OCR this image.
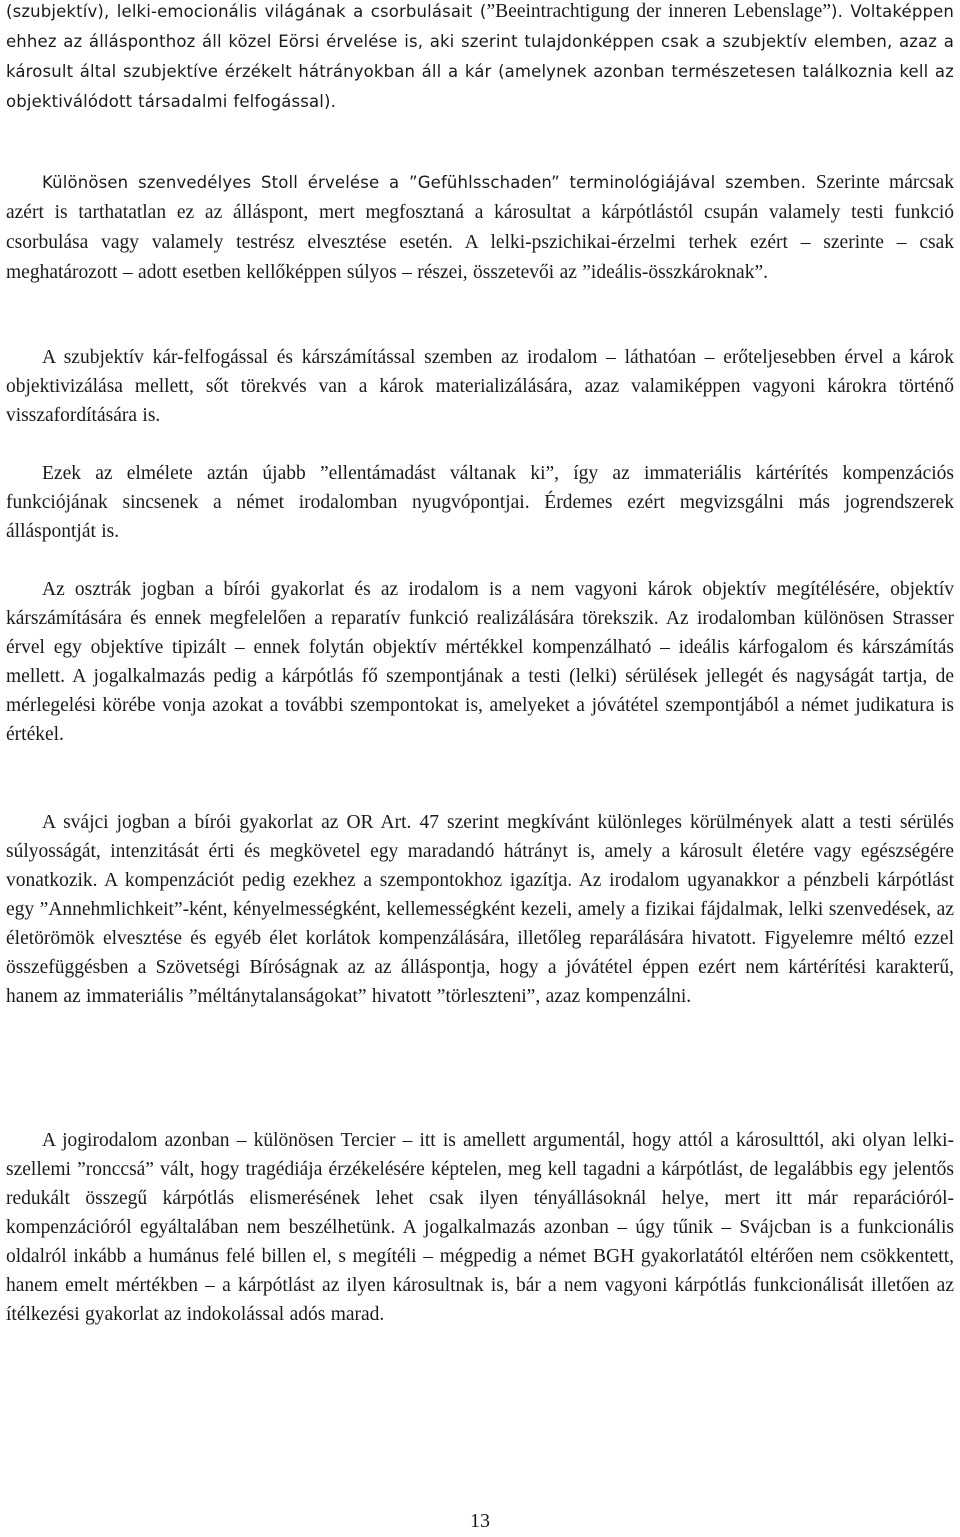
(szubjektív), lelki-emocionális világának a csorbulásait (”Beeintrachtigung der inneren Lebenslage”). Voltaképpen ehhez az állásponthoz áll közel Eörsi érvelése is, aki szerint tulajdonképpen csak a szubjektív elemben, azaz a károsult által szubjektíve érzékelt hátrányokban áll a kár (amelynek azonban természetesen találkoznia kell az objektiválódott társadalmi felfogással).

Különösen szenvedélyes Stoll érvelése a ”Gefühlsschaden” terminológiájával szemben. Szerinte márcsak azért is tarthatatlan ez az álláspont, mert megfosztaná a károsultat a kárpótlástól csupán valamely testi funkció csorbulása vagy valamely testrész elvesztése esetén. A lelki-pszichikai-érzelmi terhek ezért – szerinte – csak meghatározott – adott esetben kellőképpen súlyos – részei, összetevői az ”ideális-összkároknak”.

A szubjektív kár-felfogással és kárszámítással szemben az irodalom – láthatóan – erőteljesebben érvel a károk objektivizálása mellett, sőt törekvés van a károk materializálására, azaz valamiképpen vagyoni károkra történő visszafordítására is.

Ezek az elmélete aztán újabb ”ellentámadást váltanak ki”, így az immateriális kártérítés kompenzációs funkciójának sincsenek a német irodalomban nyugvópontjai. Érdemes ezért megvizsgálni más jogrendszerek álláspontját is.

Az osztrák jogban a bírói gyakorlat és az irodalom is a nem vagyoni károk objektív megítélésére, objektív kárszámítására és ennek megfelelően a reparatív funkció realizálására törekszik. Az irodalomban különösen Strasser érvel egy objektíve tipizált – ennek folytán objektív mértékkel kompenzálható – ideális kárfogalom és kárszámítás mellett. A jogalkalmazás pedig a kárpótlás fő szempontjának a testi (lelki) sérülések jellegét és nagyságát tartja, de mérlegelési körébe vonja azokat a további szempontokat is, amelyeket a jóvátétel szempontjából a német judikatura is értékel.

A svájci jogban a bírói gyakorlat az OR Art. 47 szerint megkívánt különleges körülmények alatt a testi sérülés súlyosságát, intenzitását érti és megkövetel egy maradandó hátrányt is, amely a károsult életére vagy egészségére vonatkozik. A kompenzációt pedig ezekhez a szempontokhoz igazítja. Az irodalom ugyanakkor a pénzbeli kárpótlást egy ”Annehmlichkeit”-ként, kényelmességként, kellemességként kezeli, amely a fizikai fájdalmak, lelki szenvedések, az életörömök elvesztése és egyéb élet korlátok kompenzálására, illetőleg reparálására hivatott. Figyelemre méltó ezzel összefüggésben a Szövetségi Bíróságnak az az álláspontja, hogy a jóvátétel éppen ezért nem kártérítési karakterű, hanem az immateriális ”méltánytalanságokat” hivatott ”törleszteni”, azaz kompenzálni.

A jogirodalom azonban – különösen Tercier – itt is amellett argumentál, hogy attól a károsulttól, aki olyan lelki-szellemi ”ronccsá” vált, hogy tragédiája érzékelésére képtelen, meg kell tagadni a kárpótlást, de legalábbis egy jelentős redukált összegű kárpótlás elismerésének lehet csak ilyen tényállásoknál helye, mert itt már reparációról-kompenzációról egyáltalában nem beszélhetünk. A jogalkalmazás azonban – úgy tűnik – Svájcban is a funkcionális oldalról inkább a humánus felé billen el, s megítéli – mégpedig a német BGH gyakorlatától eltérően nem csökkentett, hanem emelt mértékben – a kárpótlást az ilyen károsultnak is, bár a nem vagyoni kárpótlás funkcionálisát illetően az ítélkezési gyakorlat az indokolással adós marad.

13
